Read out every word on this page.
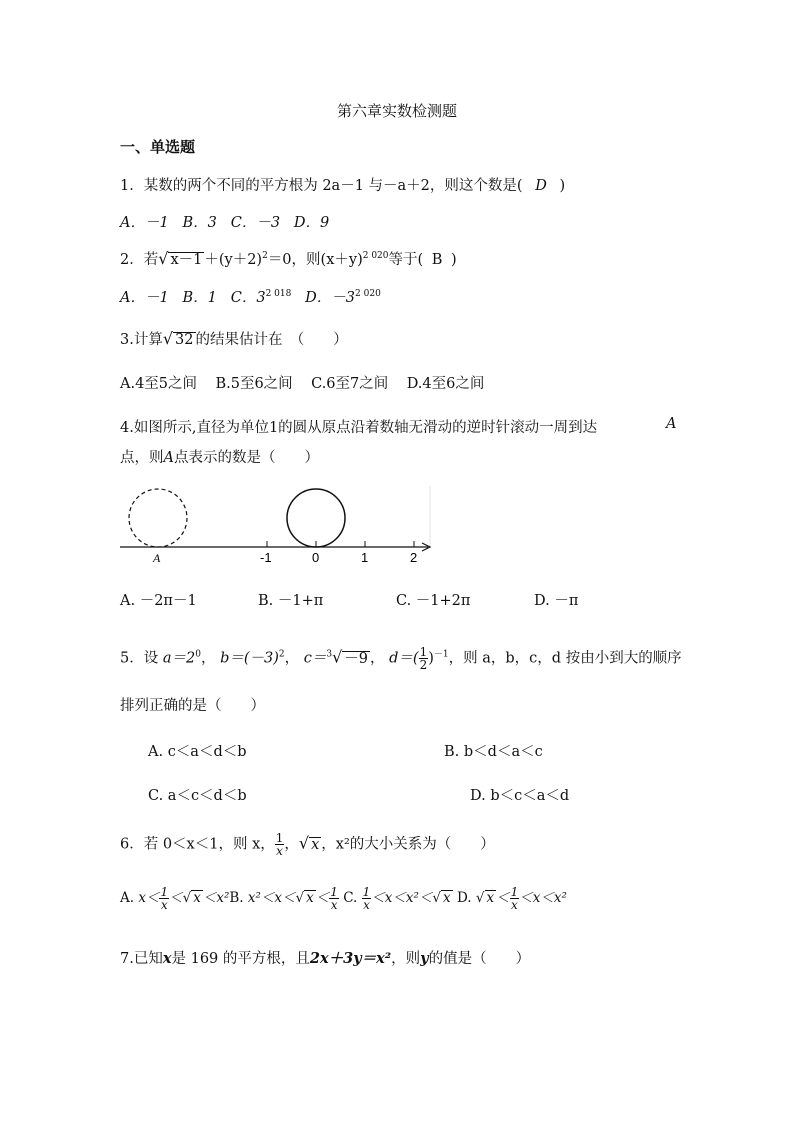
第六章实数检测题
一、单选题
1．某数的两个不同的平方根为 2a－1 与－a＋2，则这个数是( D )
A．－1 B．3 C．－3 D．9
2．若√ $x-1 +(y+2)^2=0$，则$(x+y)^{2 020}$等于( B )
A．－1 B．1 C．$3^{2 018}$ D．$-3^{2 020}$
3.计算√ 32 的结果估计在　（　　）
A.4至5之间 B.5至6之间 C.6至7之间 D.4至6之间
4.如图所示,直径为单位1的圆从原点沿着数轴无滑动的逆时针滚动一周到达	A
点，则A点表示的数是（　　）
A	-1	0	1	2
A. －2π－1	B. －1+π	C. －1+2π	D. －π
5．设 $a=2^0$， $b=(-3)^2$， c＝$^3$√ －9 ， $d=( \frac{1}{2} )^{-1}$，则 a，b，c，d 按由小到大的顺序
排列正确的是（　　）
A. c＜a＜d＜b	B. b＜d＜a＜c
C. a＜c＜d＜b	D. b＜c＜a＜d
6．若 0＜x＜1，则 x， $\frac{1}{x}$ ，√ x ，x²的大小关系为（　　）
A. $x< \frac{1}{x}$ ＜√ x ＜x²B. x²＜x＜√ $x < \frac{1}{x} C$. $\frac{1}{x} <x<x^2<√$ x D. √ $x < \frac{1}{x} <x<x^2$
7.已知x是 169 的平方根，且2x＋3y＝x²，则y的值是（　　）
